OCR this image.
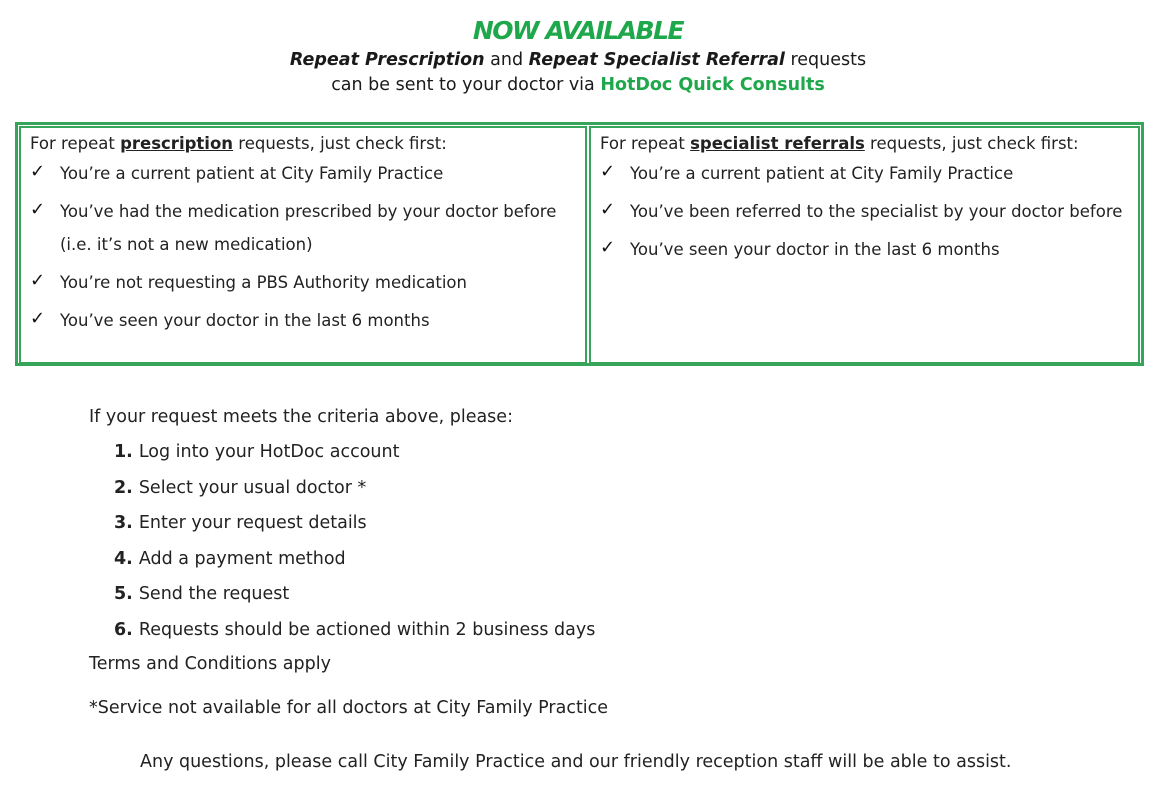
NOW AVAILABLE
Repeat Prescription and Repeat Specialist Referral requests
can be sent to your doctor via HotDoc Quick Consults
For repeat prescription requests, just check first:
✓ You’re a current patient at City Family Practice
✓ You’ve had the medication prescribed by your doctor before
(i.e. it’s not a new medication)
✓ You’re not requesting a PBS Authority medication
✓ You’ve seen your doctor in the last 6 months
For repeat specialist referrals requests, just check first:
✓ You’re a current patient at City Family Practice
✓ You’ve been referred to the specialist by your doctor before
✓ You’ve seen your doctor in the last 6 months
If your request meets the criteria above, please:
1. Log into your HotDoc account
2. Select your usual doctor *
3. Enter your request details
4. Add a payment method
5. Send the request
6. Requests should be actioned within 2 business days
Terms and Conditions apply
*Service not available for all doctors at City Family Practice
Any questions, please call City Family Practice and our friendly reception staff will be able to assist.
